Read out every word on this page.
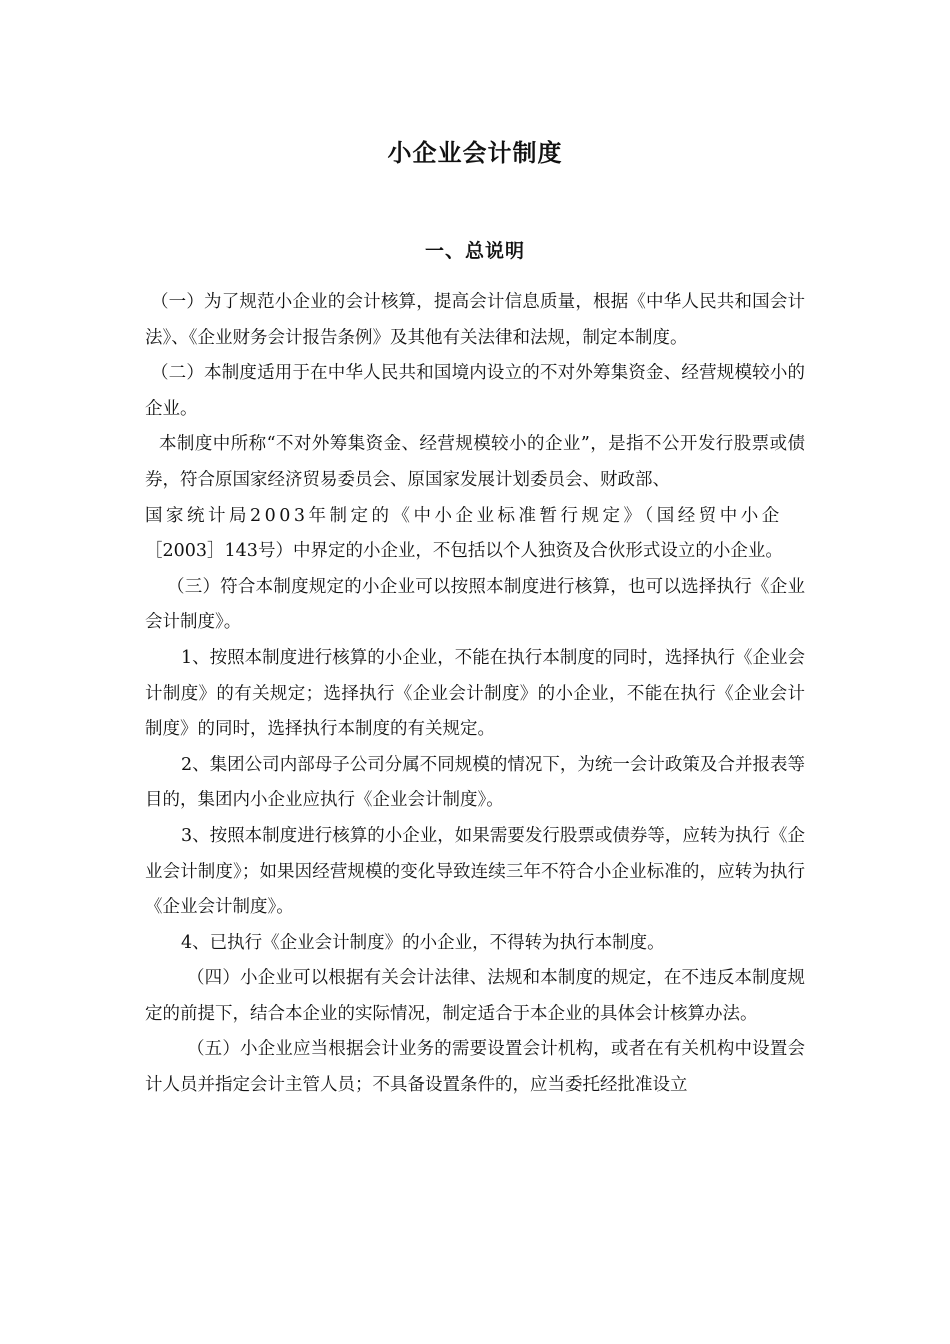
小企业会计制度
一、总说明

（一）为了规范小企业的会计核算，提高会计信息质量，根据《中华人民共和国会计法》、《企业财务会计报告条例》及其他有关法律和法规，制定本制度。

（二）本制度适用于在中华人民共和国境内设立的不对外筹集资金、经营规模较小的企业。

本制度中所称“不对外筹集资金、经营规模较小的企业”，是指不公开发行股票或债券，符合原国家经济贸易委员会、原国家发展计划委员会、财政部、

国家统计局2003年制定的《中小企业标准暂行规定》（国经贸中小企

［2003］143号）中界定的小企业，不包括以个人独资及合伙形式设立的小企业。

（三）符合本制度规定的小企业可以按照本制度进行核算，也可以选择执行《企业会计制度》。

1、按照本制度进行核算的小企业，不能在执行本制度的同时，选择执行《企业会计制度》的有关规定；选择执行《企业会计制度》的小企业，不能在执行《企业会计制度》的同时，选择执行本制度的有关规定。

2、集团公司内部母子公司分属不同规模的情况下，为统一会计政策及合并报表等目的，集团内小企业应执行《企业会计制度》。

3、按照本制度进行核算的小企业，如果需要发行股票或债券等，应转为执行《企业会计制度》；如果因经营规模的变化导致连续三年不符合小企业标准的，应转为执行《企业会计制度》。

4、已执行《企业会计制度》的小企业，不得转为执行本制度。

（四）小企业可以根据有关会计法律、法规和本制度的规定，在不违反本制度规定的前提下，结合本企业的实际情况，制定适合于本企业的具体会计核算办法。

（五）小企业应当根据会计业务的需要设置会计机构，或者在有关机构中设置会计人员并指定会计主管人员；不具备设置条件的，应当委托经批准设立
